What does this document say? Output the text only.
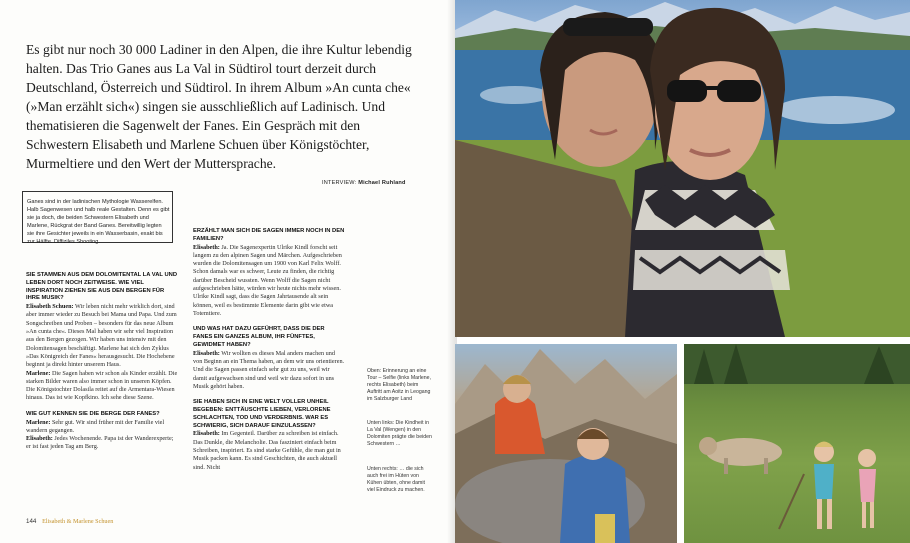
Es gibt nur noch 30 000 Ladiner in den Alpen, die ihre Kultur lebendig halten. Das Trio Ganes aus La Val in Südtirol tourt derzeit durch Deutschland, Österreich und Südtirol. In ihrem Album »An cunta che« (»Man erzählt sich«) singen sie ausschließlich auf Ladinisch. Und thematisieren die Sagenwelt der Fanes. Ein Gespräch mit den Schwestern Elisabeth und Marlene Schuen über Königstöchter, Murmeltiere und den Wert der Muttersprache.

INTERVIEW: Michael Ruhland
Ganes sind in der ladinischen Mythologie Wasserelfen. Halb Sagenwesen und halb reale Gestalten. Denn es gibt sie ja doch, die beiden Schwestern Elisabeth und Marlene, Rückgrat der Band Ganes. Bereitwillig legten sie ihre Gesichter jeweils in ein Wasserbasin, exakt bis zur Hälfte. Diffiziles Shooting.

SIE STAMMEN AUS DEM DOLOMITENTAL LA VAL UND LEBEN DORT NOCH ZEITWEISE. WIE VIEL INSPIRATION ZIEHEN SIE AUS DEN BERGEN FÜR IHRE MUSIK?

Elisabeth Schuen: Wir leben nicht mehr wirklich dort, sind aber immer wieder zu Besuch bei Mama und Papa. Und zum Songschreiben und Proben – besonders für das neue Album »An cunta che«. Dieses Mal haben wir sehr viel Inspiration aus den Bergen gezogen. Wir haben uns intensiv mit den Dolomitensagen beschäftigt. Marlene hat sich den Zyklus »Das Königreich der Fanes« herausgesucht. Die Hochebene beginnt ja direkt hinter unserem Haus.
Marlene: Die Sagen haben wir schon als Kinder erzählt. Die starken Bilder waren also immer schon in unseren Köpfen. Die Königstochter Dolasila reitet auf die Armentara-Wiesen hinaus. Das ist wie Kopfkino. Ich sehe diese Szene.

WIE GUT KENNEN SIE DIE BERGE DER FANES?

Marlene: Sehr gut. Wir sind früher mit der Familie viel wandern gegangen.
Elisabeth: Jedes Wochenende. Papa ist der Wanderexperte; er ist fast jeden Tag am Berg.

ERZÄHLT MAN SICH DIE SAGEN IMMER NOCH IN DEN FAMILIEN?

Elisabeth: Ja. Die Sagenexpertin Ulrike Kindl forscht seit langem zu den alpinen Sagen und Märchen. Aufgeschrieben wurden die Dolomitensagen um 1900 von Karl Felix Wolff. Schon damals war es schwer, Leute zu finden, die richtig darüber Bescheid wussten. Wenn Wolff die Sagen nicht aufgeschrieben hätte, würden wir heute nichts mehr wissen. Ulrike Kindl sagt, dass die Sagen Jahrtausende alt sein können, weil es bestimmte Elemente darin gibt wie etwa Totemtiere.

UND WAS HAT DAZU GEFÜHRT, DASS DIE DER FANES EIN GANZES ALBUM, IHR FÜNFTES, GEWIDMET HABEN?

Elisabeth: Wir wollten es dieses Mal anders machen und von Beginn an ein Thema haben, an dem wir uns orientieren. Und die Sagen passen einfach sehr gut zu uns, weil wir damit aufgewachsen sind und weil wir dazu sofort in uns Musik gehört haben.

SIE HABEN SICH IN EINE WELT VOLLER UNHEIL BEGEBEN: ENTTÄUSCHTE LIEBEN, VERLORENE SCHLACHTEN, TOD UND VERDERBNIS. WAR ES SCHWIERIG, SICH DARAUF EINZULASSEN?

Elisabeth: Im Gegenteil. Darüber zu schreiben ist einfach. Das Dunkle, die Melancholie. Das fasziniert einfach beim Schreiben, inspiriert. Es sind starke Gefühle, die man gut in Musik packen kann. Es sind Geschichten, die auch aktuell sind. Nicht

Oben: Erinnerung an eine Tour – Selfie (links Marlene, rechts Elisabeth) beim Auftritt am Aoitz in Leogang im Salzburger Land

Unten links: Die Kindheit in La Val (Wengen) in den Dolomiten prägte die beiden Schwestern …

Unten rechts: … die sich auch frei im Hüten von Kühen übten, ohne damit viel Eindruck zu machen.

144 Elisabeth & Marlene Schuen
